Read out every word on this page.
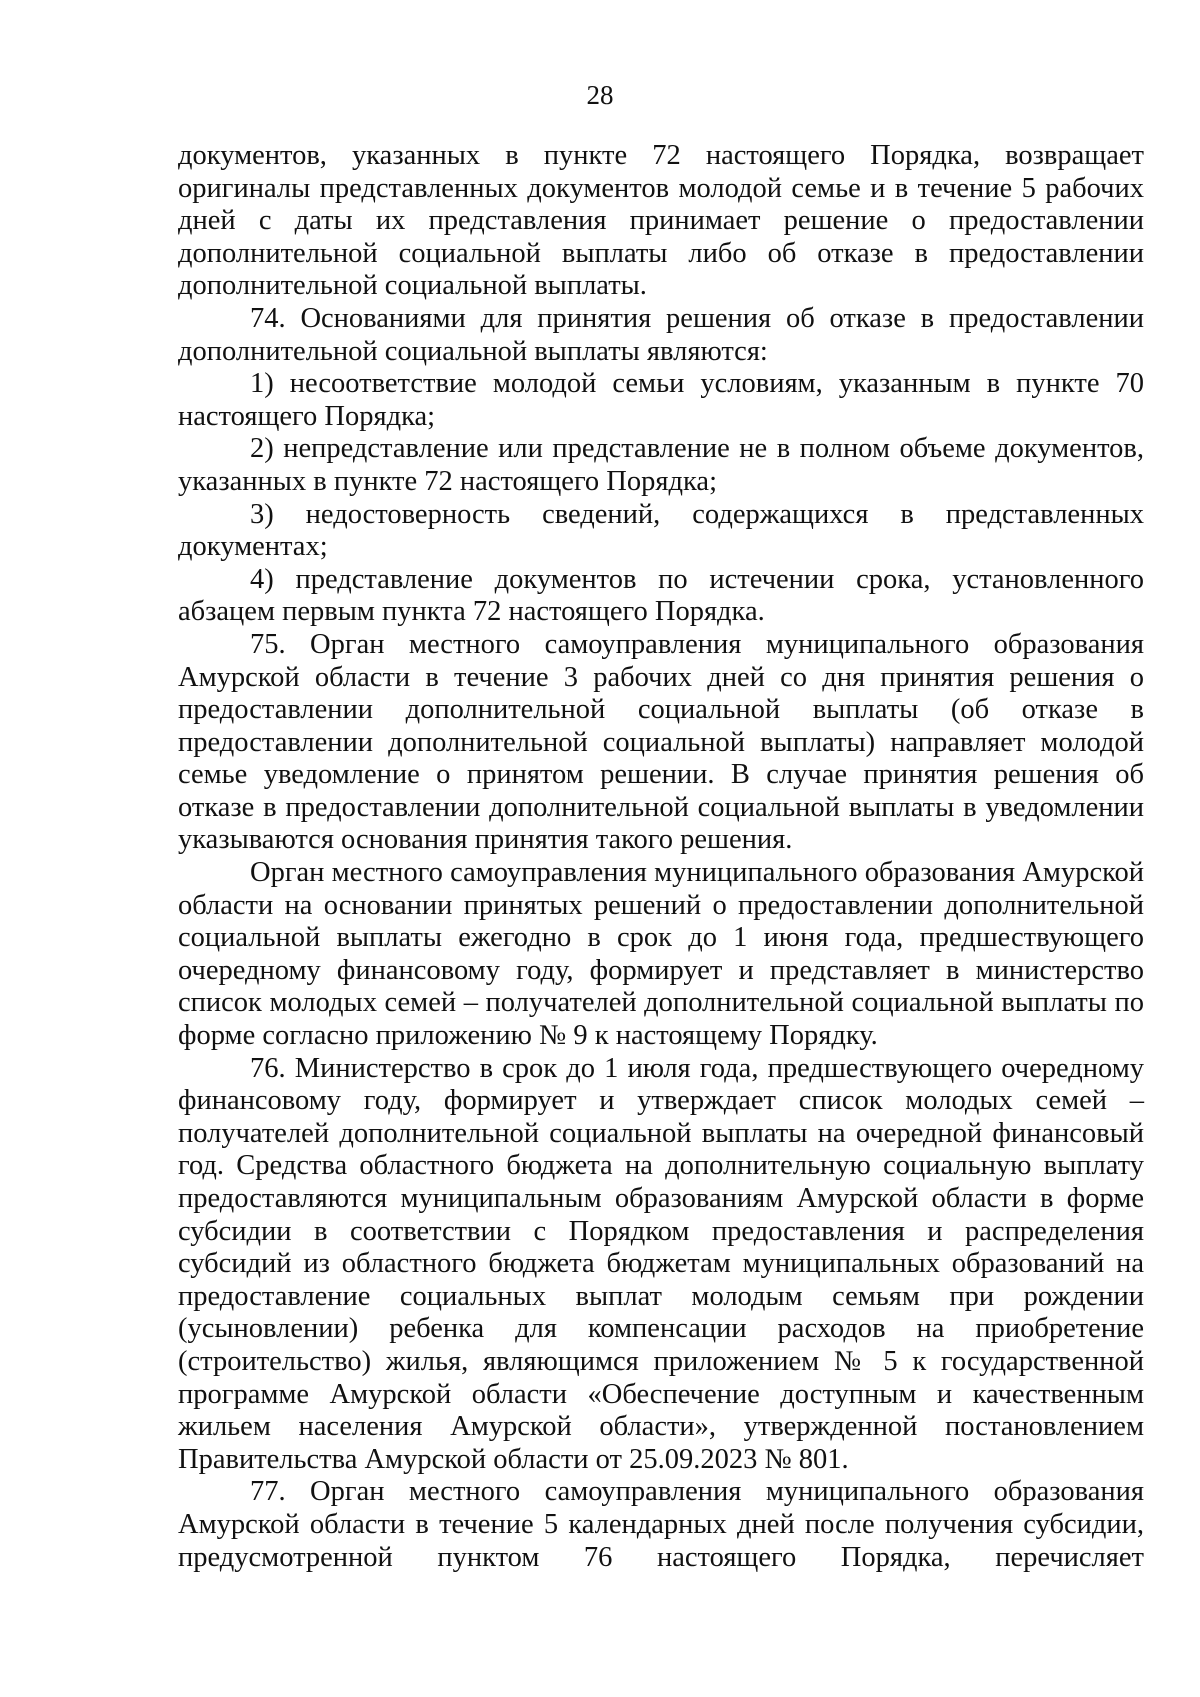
28

документов, указанных в пункте 72 настоящего Порядка, возвращает оригиналы представленных документов молодой семье и в течение 5 рабочих дней с даты их представления принимает решение о предоставлении дополнительной социальной выплаты либо об отказе в предоставлении дополнительной социальной выплаты.

74. Основаниями для принятия решения об отказе в предоставлении дополнительной социальной выплаты являются:

1) несоответствие молодой семьи условиям, указанным в пункте 70 настоящего Порядка;

2) непредставление или представление не в полном объеме документов, указанных в пункте 72 настоящего Порядка;

3) недостоверность сведений, содержащихся в представленных документах;

4) представление документов по истечении срока, установленного абзацем первым пункта 72 настоящего Порядка.

75. Орган местного самоуправления муниципального образования Амурской области в течение 3 рабочих дней со дня принятия решения о предоставлении дополнительной социальной выплаты (об отказе в предоставлении дополнительной социальной выплаты) направляет молодой семье уведомление о принятом решении. В случае принятия решения об отказе в предоставлении дополнительной социальной выплаты в уведомлении указываются основания принятия такого решения.

Орган местного самоуправления муниципального образования Амурской области на основании принятых решений о предоставлении дополнительной социальной выплаты ежегодно в срок до 1 июня года, предшествующего очередному финансовому году, формирует и представляет в министерство список молодых семей – получателей дополнительной социальной выплаты по форме согласно приложению № 9 к настоящему Порядку.

76. Министерство в срок до 1 июля года, предшествующего очередному финансовому году, формирует и утверждает список молодых семей – получателей дополнительной социальной выплаты на очередной финансовый год. Средства областного бюджета на дополнительную социальную выплату предоставляются муниципальным образованиям Амурской области в форме субсидии в соответствии с Порядком предоставления и распределения субсидий из областного бюджета бюджетам муниципальных образований на предоставление социальных выплат молодым семьям при рождении (усыновлении) ребенка для компенсации расходов на приобретение (строительство) жилья, являющимся приложением № 5 к государственной программе Амурской области «Обеспечение доступным и качественным жильем населения Амурской области», утвержденной постановлением Правительства Амурской области от 25.09.2023 № 801.

77. Орган местного самоуправления муниципального образования Амурской области в течение 5 календарных дней после получения субсидии, предусмотренной пунктом 76 настоящего Порядка, перечисляет
